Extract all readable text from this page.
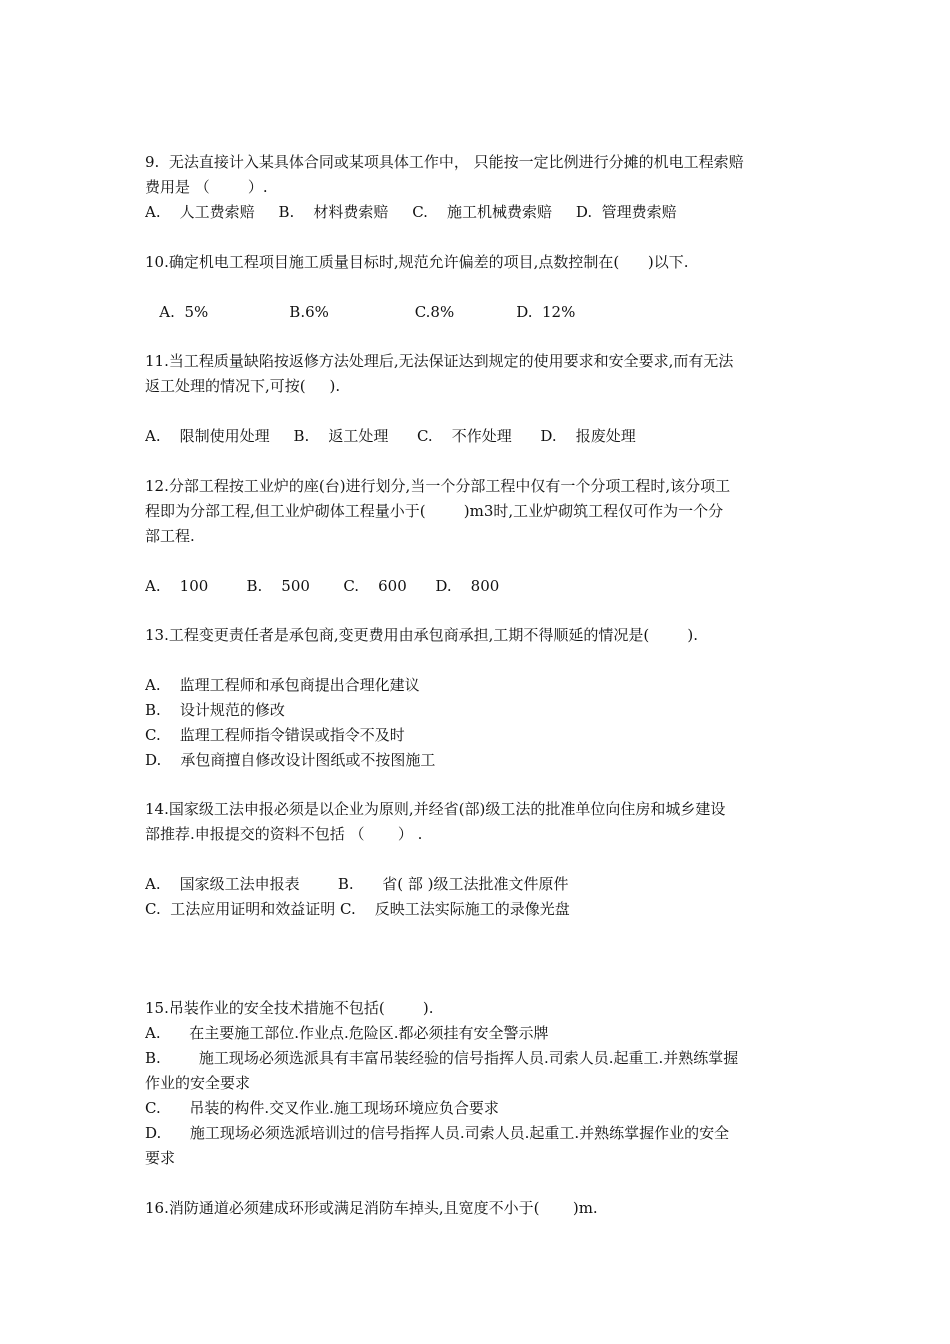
9.  无法直接计入某具体合同或某项具体工作中， 只能按一定比例进行分摊的机电工程索赔
费用是 （        ）.
A.    人工费索赔     B.    材料费索赔     C.    施工机械费索赔     D.  管理费索赔
10.确定机电工程项目施工质量目标时,规范允许偏差的项目,点数控制在(      )以下.
A.  5%                 B.6%                  C.8%             D.  12%
11.当工程质量缺陷按返修方法处理后,无法保证达到规定的使用要求和安全要求,而有无法
返工处理的情况下,可按(     ).
A.    限制使用处理     B.    返工处理      C.    不作处理      D.    报废处理
12.分部工程按工业炉的座(台)进行划分,当一个分部工程中仅有一个分项工程时,该分项工
程即为分部工程,但工业炉砌体工程量小于(        )m3时,工业炉砌筑工程仅可作为一个分
部工程.
A.    100        B.    500       C.    600      D.    800
13.工程变更责任者是承包商,变更费用由承包商承担,工期不得顺延的情况是(        ).
A.    监理工程师和承包商提出合理化建议
B.    设计规范的修改
C.    监理工程师指令错误或指令不及时
D.    承包商擅自修改设计图纸或不按图施工
14.国家级工法申报必须是以企业为原则,并经省(部)级工法的批准单位向住房和城乡建设
部推荐.申报提交的资料不包括 （       ） .
A.    国家级工法申报表        B.      省( 部 )级工法批准文件原件
C.  工法应用证明和效益证明 C.    反映工法实际施工的录像光盘
15.吊装作业的安全技术措施不包括(        ).
A.      在主要施工部位.作业点.危险区.都必须挂有安全警示牌
B.        施工现场必须选派具有丰富吊装经验的信号指挥人员.司索人员.起重工.并熟练掌握
作业的安全要求
C.      吊装的构件.交叉作业.施工现场环境应负合要求
D.      施工现场必须选派培训过的信号指挥人员.司索人员.起重工.并熟练掌握作业的安全
要求
16.消防通道必须建成环形或满足消防车掉头,且宽度不小于(       )m.
